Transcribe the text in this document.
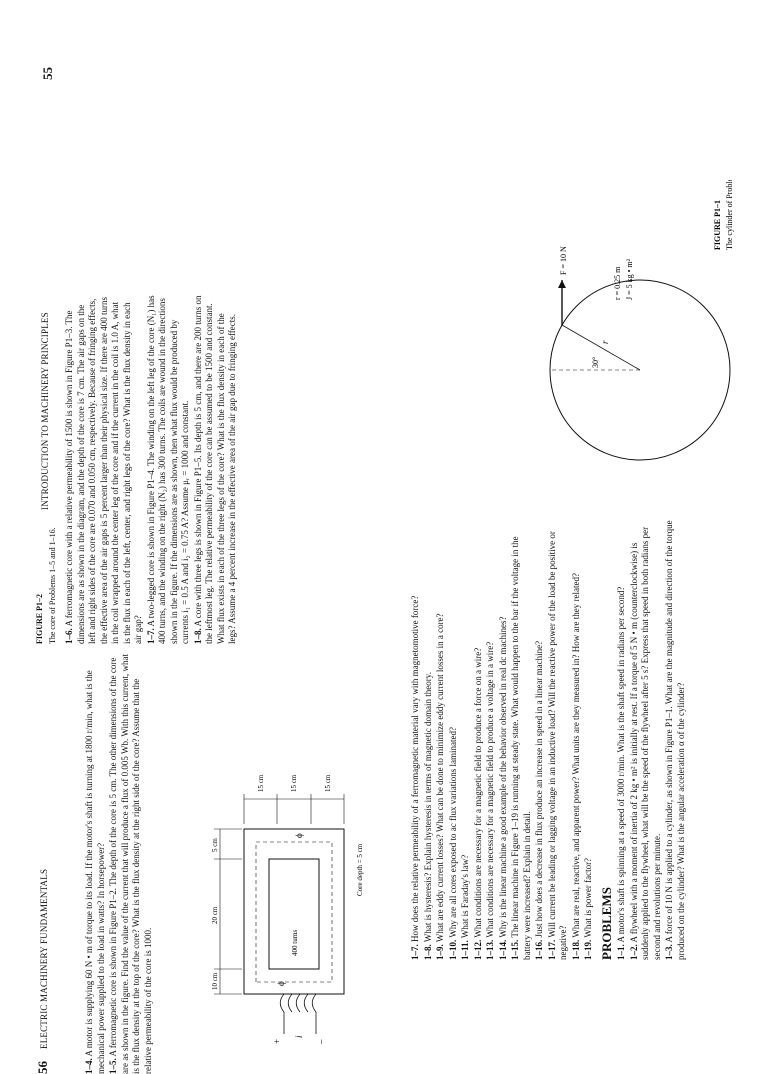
56 ELECTRIC MACHINERY FUNDAMENTALS

1–4. A motor is supplying 60 N • m of torque to its load. If the motor's shaft is turning at 1800 r/min, what is the mechanical power supplied to the load in watts? In horsepower? 1–5. A ferromagnetic core is shown in Figure P1–2. The depth of the core is 5 cm. The other dimensions of the core are as shown in the figure. Find the value of the current that will produce a flux of 0.005 Wb. With this current, what is the flux density at the top of the core? What is the flux density at the right side of the core? Assume that the relative permeability of the core is 1000.	10 cm
20 cm
5 cm
15 cm	15 cm	15 cm
400 turns
Core depth = 5 cm
i
ϕ
ϕ
+	–

FIGURE P1–2 The core of Problems 1–5 and 1–16. 1–6. A ferromagnetic core with a relative permeability of 1500 is shown in Figure P1–3. The dimensions are as shown in the diagram, and the depth of the core is 7 cm. The air gaps on the left and right sides of the core are 0.070 and 0.050 cm, respectively. Because of fringing effects, the effective area of the air gaps is 5 percent larger than their physical size. If there are 400 turns in the coil wrapped around the center leg of the core and if the current in the coil is 1.0 A, what is the flux in each of the left, center, and right legs of the core? What is the flux density in each air gap? 1–7. A two-legged core is shown in Figure P1–4. The winding on the left leg of the core (N₁) has 400 turns, and the winding on the right (N₂) has 300 turns. The coils are wound in the directions shown in the figure. If the dimensions are as shown, then what flux would be produced by currents i₁ = 0.5 A and i₂ = 0.75 A? Assume μᵣ = 1000 and constant. 1–8. A core with three legs is shown in Figure P1–5. Its depth is 5 cm, and there are 200 turns on the leftmost leg. The relative permeability of the core can be assumed to be 1500 and constant. What flux exists in each of the three legs of the core? What is the flux density in each of the legs? Assume a 4 percent increase in the effective area of the air gap due to fringing effects.

INTRODUCTION TO MACHINERY PRINCIPLES
55

1–7. How does the relative permeability of a ferromagnetic material vary with magnetomotive force?

1–8. What is hysteresis? Explain hysteresis in terms of magnetic domain theory.

1–9. What are eddy current losses? What can be done to minimize eddy current losses in a core?

1–10. Why are all cores exposed to ac flux variations laminated?

1–11. What is Faraday's law?

1–12. What conditions are necessary for a magnetic field to produce a force on a wire?

1–13. What conditions are necessary for a magnetic field to produce a voltage in a wire?

1–14. Why is the linear machine a good example of the behavior observed in real dc machines?

1–15. The linear machine in Figure 1–19 is running at steady state. What would happen to the bar if the voltage in the battery were increased? Explain in detail. 1–16. Just how does a decrease in flux produce an increase in speed in a linear machine?

1–17. Will current be leading or lagging voltage in an inductive load? Will the reactive power of the load be positive or negative? 1–18. What are real, reactive, and apparent power? What units are they measured in? How are they related?

1–19. What is power factor? PROBLEMS 1–1. A motor's shaft is spinning at a speed of 3000 r/min. What is the shaft speed in radians per second?

1–2. A flywheel with a moment of inertia of 2 kg • m² is initially at rest. If a torque of 5 N • m (counterclockwise) is suddenly applied to the flywheel, what will be the speed of the flywheel after 5 s? Express that speed in both radians per second and revolutions per minute. 1–3. A force of 10 N is applied to a cylinder, as shown in Figure P1–1. What are the magnitude and direction of the torque produced on the cylinder? What is the angular acceleration α of the cylinder?

30°
r
F = 10 N
r = 0.25 m J = 5 kg • m²
FIGURE P1–1 The cylinder of Problem 1–3.
